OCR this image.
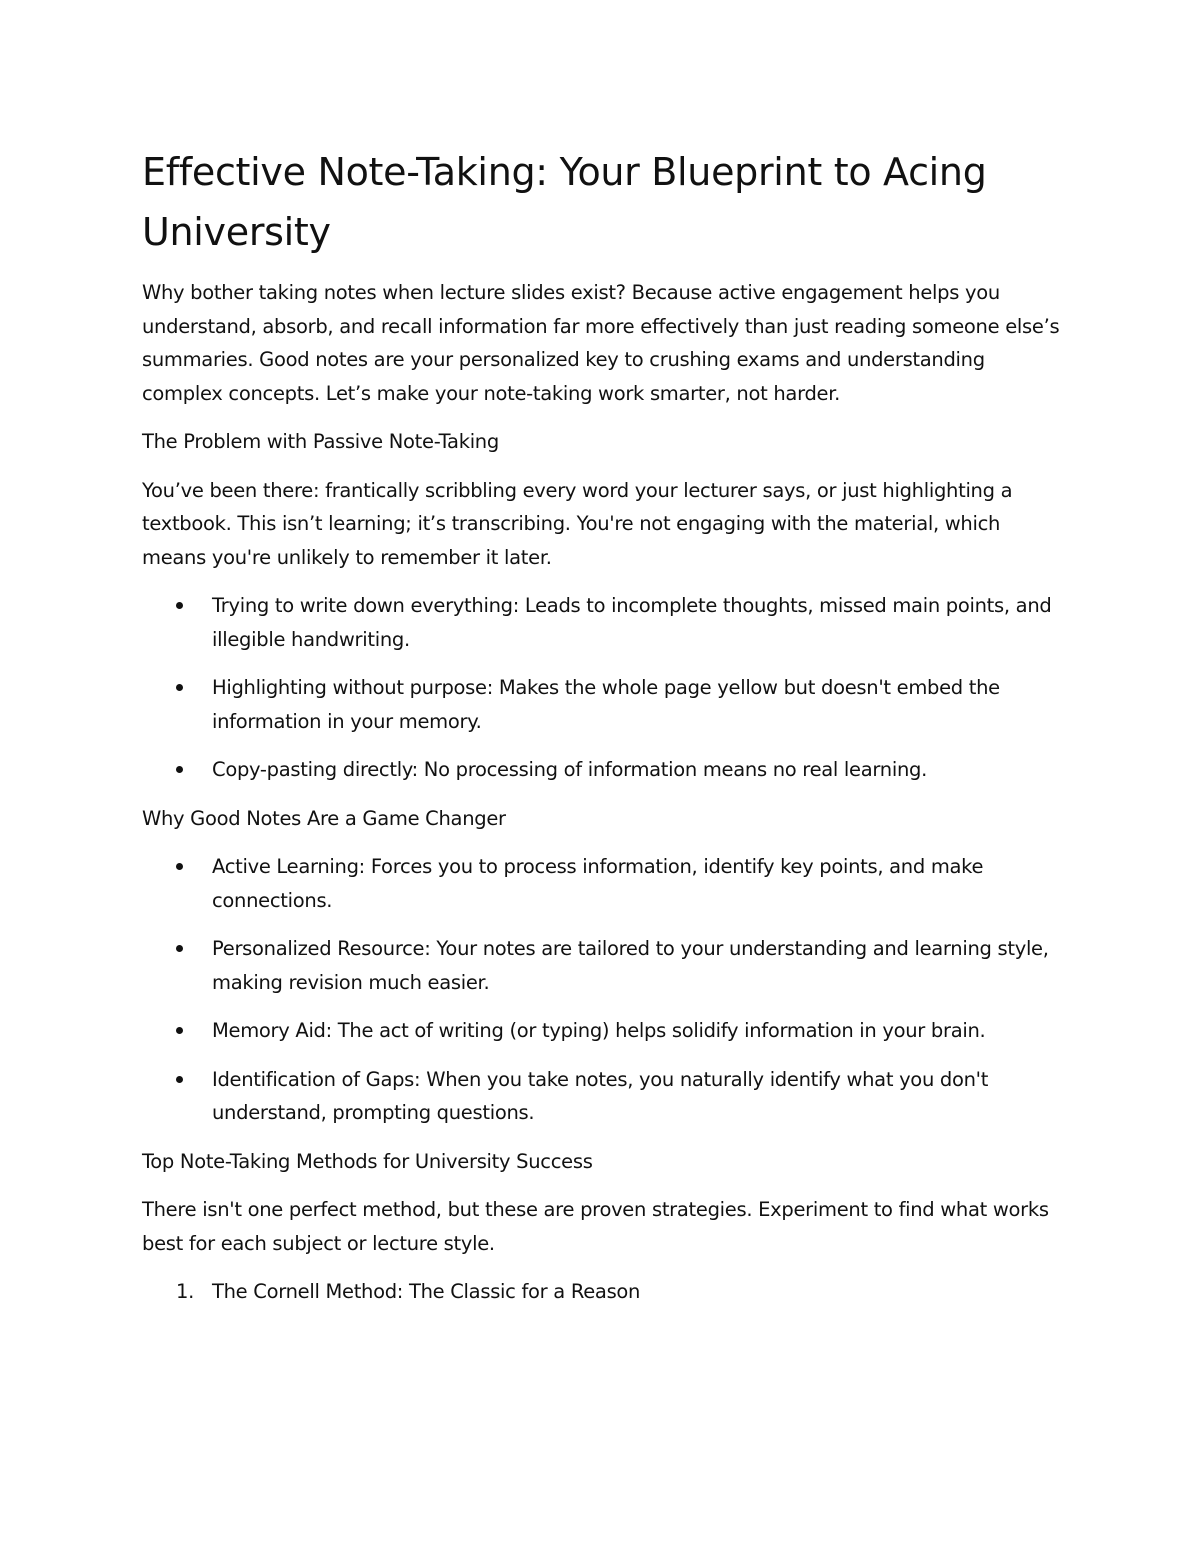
Effective Note-Taking: Your Blueprint to Acing University

Why bother taking notes when lecture slides exist? Because active engagement helps you understand, absorb, and recall information far more effectively than just reading someone else’s summaries. Good notes are your personalized key to crushing exams and understanding complex concepts. Let’s make your note-taking work smarter, not harder.

The Problem with Passive Note-Taking

You’ve been there: frantically scribbling every word your lecturer says, or just highlighting a textbook. This isn’t learning; it’s transcribing. You're not engaging with the material, which means you're unlikely to remember it later.

Trying to write down everything: Leads to incomplete thoughts, missed main points, and illegible handwriting.
Highlighting without purpose: Makes the whole page yellow but doesn't embed the information in your memory.
Copy-pasting directly: No processing of information means no real learning.
Why Good Notes Are a Game Changer
Active Learning: Forces you to process information, identify key points, and make connections.
Personalized Resource: Your notes are tailored to your understanding and learning style, making revision much easier.
Memory Aid: The act of writing (or typing) helps solidify information in your brain.
Identification of Gaps: When you take notes, you naturally identify what you don't understand, prompting questions.
Top Note-Taking Methods for University Success

There isn't one perfect method, but these are proven strategies. Experiment to find what works best for each subject or lecture style.

1. The Cornell Method: The Classic for a Reason
